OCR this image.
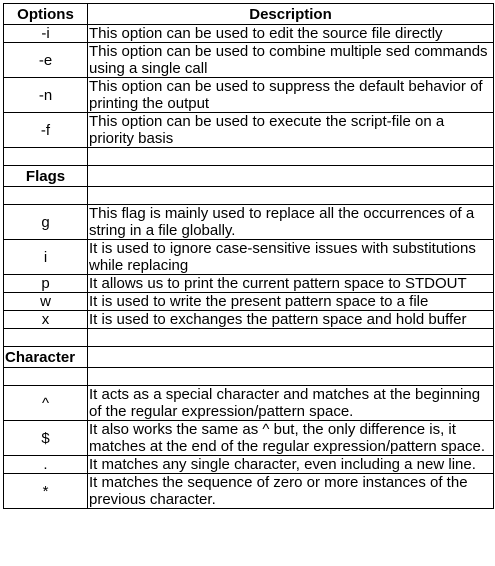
Options	Description
-i	This option can be used to edit the source file directly
-e	This option can be used to combine multiple sed commands using a single call
-n	This option can be used to suppress the default behavior of printing the output
-f	This option can be used to execute the script-file on a priority basis

Flags	

g	This flag is mainly used to replace all the occurrences of a string in a file globally.
i	It is used to ignore case-sensitive issues with substitutions while replacing
p	It allows us to print the current pattern space to STDOUT
w	It is used to write the present pattern space to a file
x	It is used to exchanges the pattern space and hold buffer

Character	

^	It acts as a special character and matches at the beginning of the regular expression/pattern space.
$	It also works the same as ^ but, the only difference is, it matches at the end of the regular expression/pattern space.
.	It matches any single character, even including a new line.
*	It matches the sequence of zero or more instances of the previous character.
